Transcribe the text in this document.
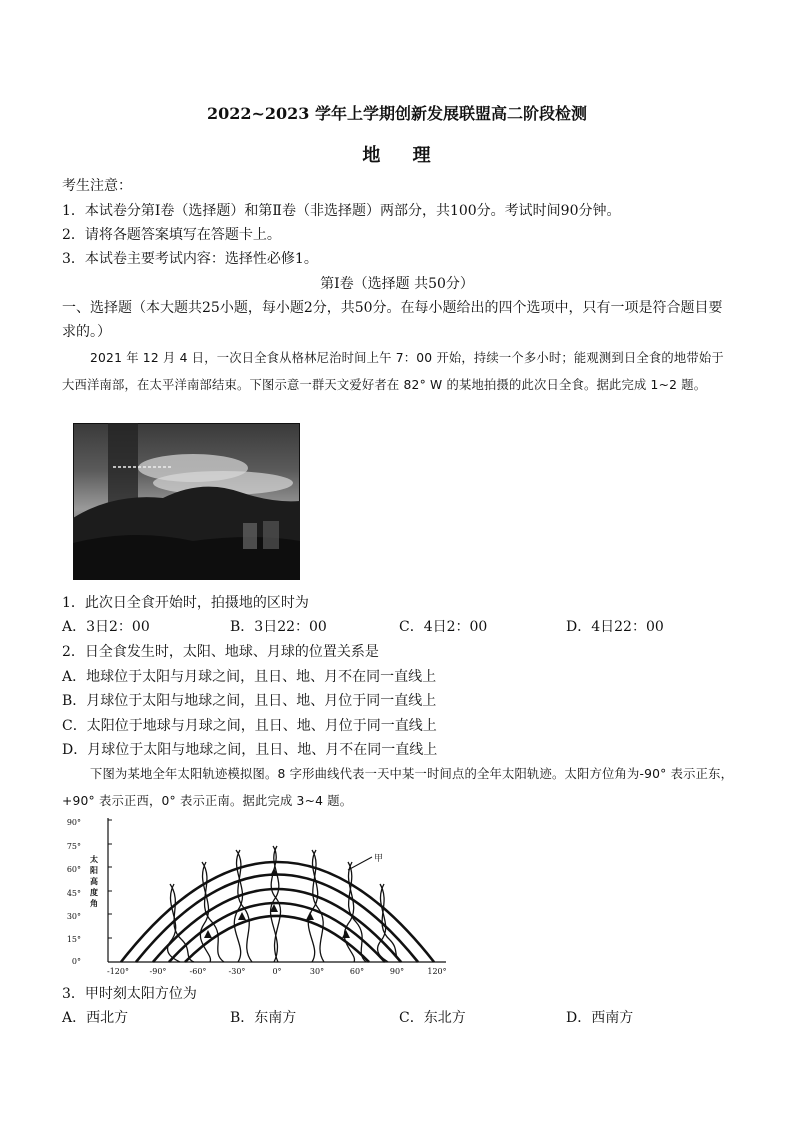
2022~2023 学年上学期创新发展联盟高二阶段检测
地 理
考生注意：
1．本试卷分第Ⅰ卷（选择题）和第Ⅱ卷（非选择题）两部分，共100分。考试时间90分钟。
2．请将各题答案填写在答题卡上。
3．本试卷主要考试内容：选择性必修1。
第Ⅰ卷（选择题 共50分）
一、选择题（本大题共25小题，每小题2分，共50分。在每小题给出的四个选项中，只有一项是符合题目要求的。）
2021 年 12 月 4 日，一次日全食从格林尼治时间上午 7：00 开始，持续一个多小时；能观测到日全食的地带始于大西洋南部，在太平洋南部结束。下图示意一群天文爱好者在 82° W 的某地拍摄的此次日全食。据此完成 1~2 题。
1．此次日全食开始时，拍摄地的区时为
A．3日2：00	B．3日22：00	C．4日2：00	D．4日22：00
2．日全食发生时，太阳、地球、月球的位置关系是
A．地球位于太阳与月球之间，且日、地、月不在同一直线上
B．月球位于太阳与地球之间，且日、地、月位于同一直线上
C．太阳位于地球与月球之间，且日、地、月位于同一直线上
D．月球位于太阳与地球之间，且日、地、月不在同一直线上
下图为某地全年太阳轨迹模拟图。8 字形曲线代表一天中某一时间点的全年太阳轨迹。太阳方位角为-90° 表示正东，+90° 表示正西，0° 表示正南。据此完成 3~4 题。
90°
75°
60°
45°
30°
15°
0°
-120°	-90°	-60°	-30°	0°	30°	60°	90°	120°
甲
太
阳
高
度
角
3．甲时刻太阳方位为
A．西北方	B．东南方	C．东北方	D．西南方
